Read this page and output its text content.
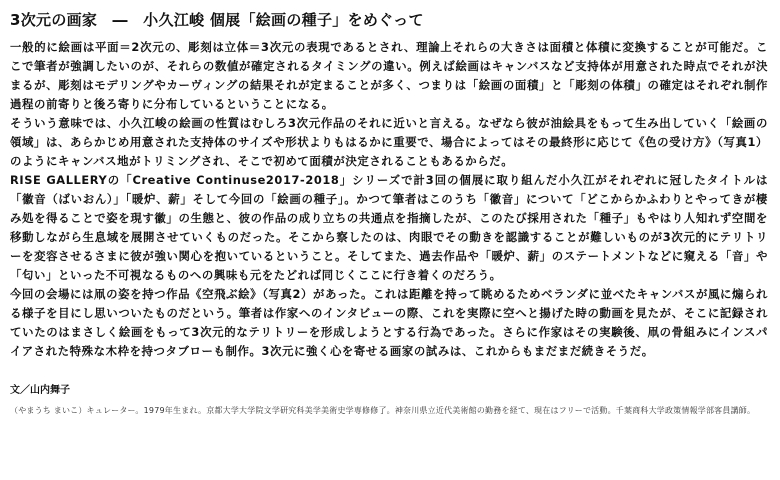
3次元の画家　―　小久江峻 個展「絵画の種子」をめぐって

一般的に絵画は平面＝2次元の、彫刻は立体＝3次元の表現であるとされ、理論上それらの大きさは面積と体積に変換することが可能だ。ここで筆者が強調したいのが、それらの数値が確定されるタイミングの違い。例えば絵画はキャンバスなど支持体が用意された時点でそれが決まるが、彫刻はモデリングやカーヴィングの結果それが定まることが多く、つまりは「絵画の面積」と「彫刻の体積」の確定はそれぞれ制作過程の前寄りと後ろ寄りに分布しているということになる。

そういう意味では、小久江峻の絵画の性質はむしろ3次元作品のそれに近いと言える。なぜなら彼が油絵具をもって生み出していく「絵画の領域」は、あらかじめ用意された支持体のサイズや形状よりもはるかに重要で、場合によってはその最終形に応じて《色の受け方》（写真1）のようにキャンバス地がトリミングされ、そこで初めて面積が決定されることもあるからだ。

RISE GALLERYの「Creative Continuse2017-2018」シリーズで計3回の個展に取り組んだ小久江がそれぞれに冠したタイトルは「徽音（ばいおん）」「暖炉、薪」そして今回の「絵画の種子」。かつて筆者はこのうち「徽音」について「どこからかふわりとやってきが棲み処を得ることで姿を現す徽」の生態と、彼の作品の成り立ちの共通点を指摘したが、このたび採用された「種子」もやはり人知れず空間を移動しながら生息域を展開させていくものだった。そこから察したのは、肉眼でその動きを認識することが難しいものが3次元的にテリトリーを変容させるさまに彼が強い関心を抱いているということ。そしてまた、過去作品や「暖炉、薪」のステートメントなどに窺える「音」や「匂い」といった不可視なるものへの興味も元をたどれば同じくここに行き着くのだろう。

今回の会場には凧の姿を持つ作品《空飛ぶ絵》（写真2）があった。これは距離を持って眺めるためベランダに並べたキャンバスが風に煽られる様子を目にし思いついたものだという。筆者は作家へのインタビューの際、これを実際に空へと揚げた時の動画を見たが、そこに記録されていたのはまさしく絵画をもって3次元的なテリトリーを形成しようとする行為であった。さらに作家はその実験後、凧の骨組みにインスパイアされた特殊な木枠を持つタブローも制作。3次元に強く心を寄せる画家の試みは、これからもまだまだ続きそうだ。

文／山内舞子

（やまうち まいこ）キュレーター。1979年生まれ。京都大学大学院文学研究科美学美術史学専修修了。神奈川県立近代美術館の勤務を経て、現在はフリーで活動。千葉商科大学政策情報学部客員講師。
